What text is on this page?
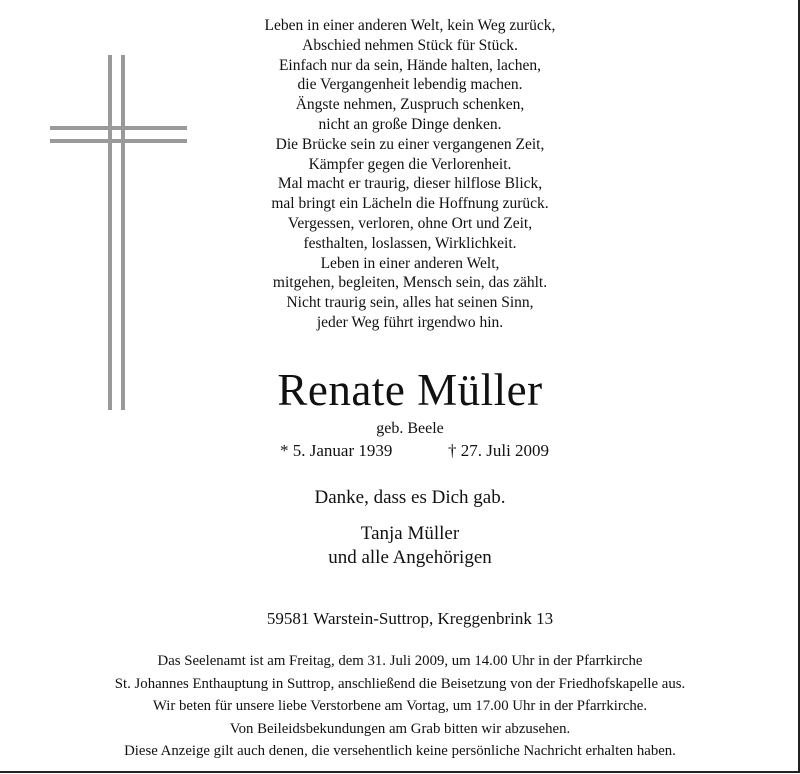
Leben in einer anderen Welt, kein Weg zurück,
Abschied nehmen Stück für Stück.
Einfach nur da sein, Hände halten, lachen,
die Vergangenheit lebendig machen.
Ängste nehmen, Zuspruch schenken,
nicht an große Dinge denken.
Die Brücke sein zu einer vergangenen Zeit,
Kämpfer gegen die Verlorenheit.
Mal macht er traurig, dieser hilflose Blick,
mal bringt ein Lächeln die Hoffnung zurück.
Vergessen, verloren, ohne Ort und Zeit,
festhalten, loslassen, Wirklichkeit.
Leben in einer anderen Welt,
mitgehen, begleiten, Mensch sein, das zählt.
Nicht traurig sein, alles hat seinen Sinn,
jeder Weg führt irgendwo hin.
Renate Müller
geb. Beele
* 5. Januar 1939	† 27. Juli 2009
Danke, dass es Dich gab.
Tanja Müller
und alle Angehörigen
59581 Warstein-Suttrop, Kreggenbrink 13
Das Seelenamt ist am Freitag, dem 31. Juli 2009, um 14.00 Uhr in der Pfarrkirche
St. Johannes Enthauptung in Suttrop, anschließend die Beisetzung von der Friedhofskapelle aus.
Wir beten für unsere liebe Verstorbene am Vortag, um 17.00 Uhr in der Pfarrkirche.
Von Beileidsbekundungen am Grab bitten wir abzusehen.
Diese Anzeige gilt auch denen, die versehentlich keine persönliche Nachricht erhalten haben.
